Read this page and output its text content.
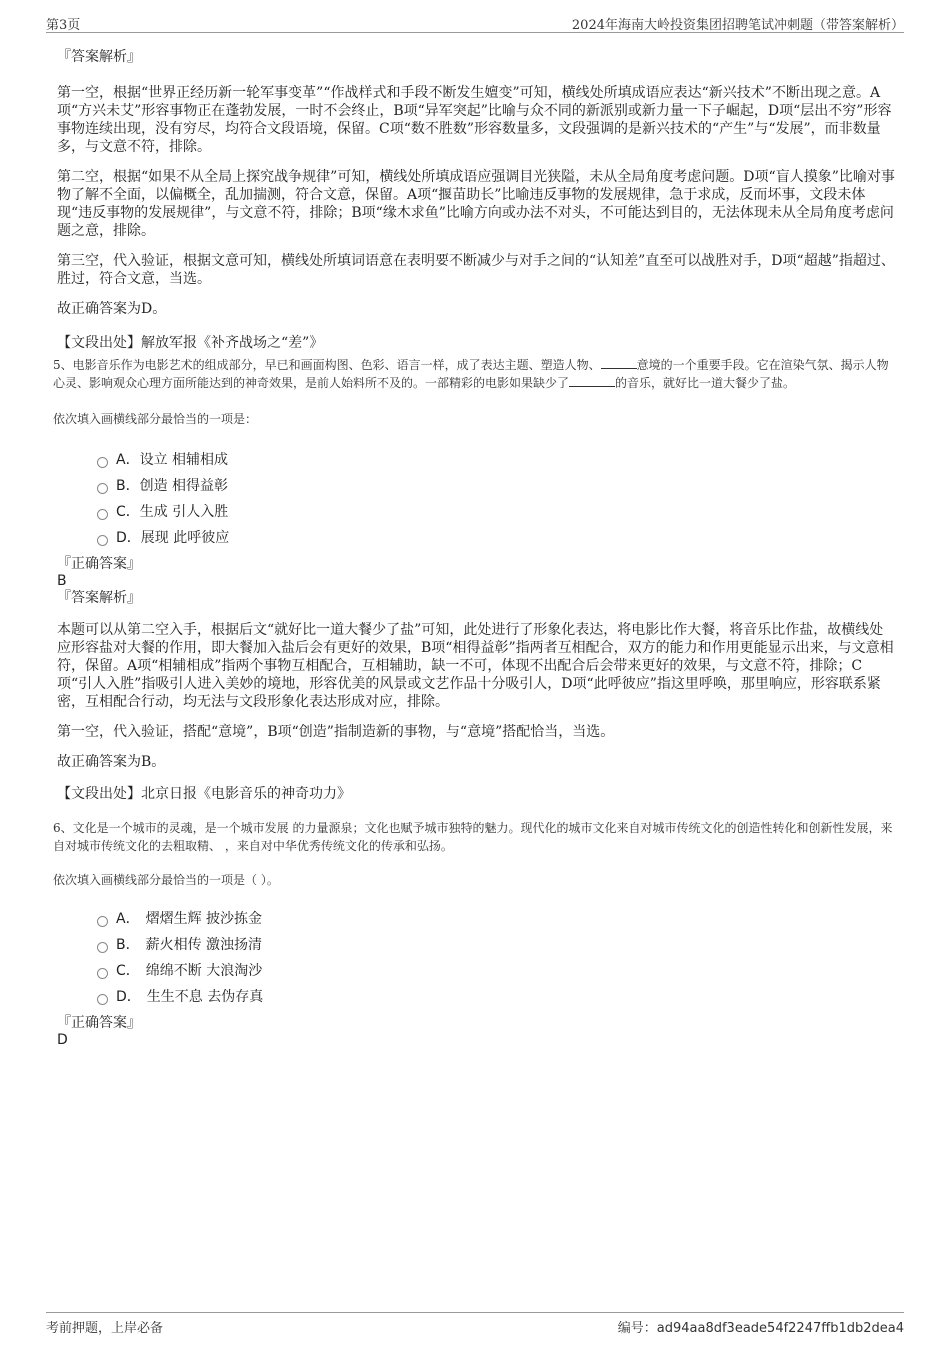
第3页	2024年海南大岭投资集团招聘笔试冲刺题（带答案解析）
『答案解析』

第一空，根据“世界正经历新一轮军事变革”“作战样式和手段不断发生嬗变”可知，横线处所填成语应表达“新兴技术”不断出现之意。A项“方兴未艾”形容事物正在蓬勃发展，一时不会终止，B项“异军突起”比喻与众不同的新派别或新力量一下子崛起，D项“层出不穷”形容事物连续出现，没有穷尽，均符合文段语境，保留。C项“数不胜数”形容数量多，文段强调的是新兴技术的“产生”与“发展”，而非数量多，与文意不符，排除。

第二空，根据“如果不从全局上探究战争规律”可知，横线处所填成语应强调目光狭隘，未从全局角度考虑问题。D项“盲人摸象”比喻对事物了解不全面，以偏概全，乱加揣测，符合文意，保留。A项“揠苗助长”比喻违反事物的发展规律，急于求成，反而坏事，文段未体现“违反事物的发展规律”，与文意不符，排除；B项“缘木求鱼”比喻方向或办法不对头，不可能达到目的，无法体现未从全局角度考虑问题之意，排除。

第三空，代入验证，根据文意可知，横线处所填词语意在表明要不断减少与对手之间的“认知差”直至可以战胜对手，D项“超越”指超过、胜过，符合文意，当选。

故正确答案为D。

【文段出处】解放军报《补齐战场之“差”》

5、电影音乐作为电影艺术的组成部分，早已和画面构图、色彩、语言一样，成了表达主题、塑造人物、	意境的一个重要手段。它在渲染气氛、揭示人物心灵、影响观众心理方面所能达到的神奇效果，是前人始料所不及的。一部精彩的电影如果缺少了	的音乐，就好比一道大餐少了盐。

依次填入画横线部分最恰当的一项是：

A．设立 相辅相成
B．创造 相得益彰
C．生成 引人入胜
D．展现 此呼彼应

『正确答案』

B

『答案解析』

本题可以从第二空入手，根据后文“就好比一道大餐少了盐”可知，此处进行了形象化表达，将电影比作大餐，将音乐比作盐，故横线处应形容盐对大餐的作用，即大餐加入盐后会有更好的效果，B项“相得益彰”指两者互相配合，双方的能力和作用更能显示出来，与文意相符，保留。A项“相辅相成”指两个事物互相配合，互相辅助，缺一不可，体现不出配合后会带来更好的效果，与文意不符，排除；C项“引人入胜”指吸引人进入美妙的境地，形容优美的风景或文艺作品十分吸引人，D项“此呼彼应”指这里呼唤，那里响应，形容联系紧密，互相配合行动，均无法与文段形象化表达形成对应，排除。

第一空，代入验证，搭配“意境”，B项“创造”指制造新的事物，与“意境”搭配恰当，当选。

故正确答案为B。

【文段出处】北京日报《电影音乐的神奇功力》

6、文化是一个城市的灵魂，是一个城市发展 的力量源泉；文化也赋予城市独特的魅力。现代化的城市文化来自对城市传统文化的创造性转化和创新性发展，来自对城市传统文化的去粗取精、 ，来自对中华优秀传统文化的传承和弘扬。

依次填入画横线部分最恰当的一项是（ ）。

A． 熠熠生辉 披沙拣金
B． 薪火相传 激浊扬清
C． 绵绵不断 大浪淘沙
D． 生生不息 去伪存真

『正确答案』

D

考前押题，上岸必备	编号：ad94aa8df3eade54f2247ffb1db2dea4
